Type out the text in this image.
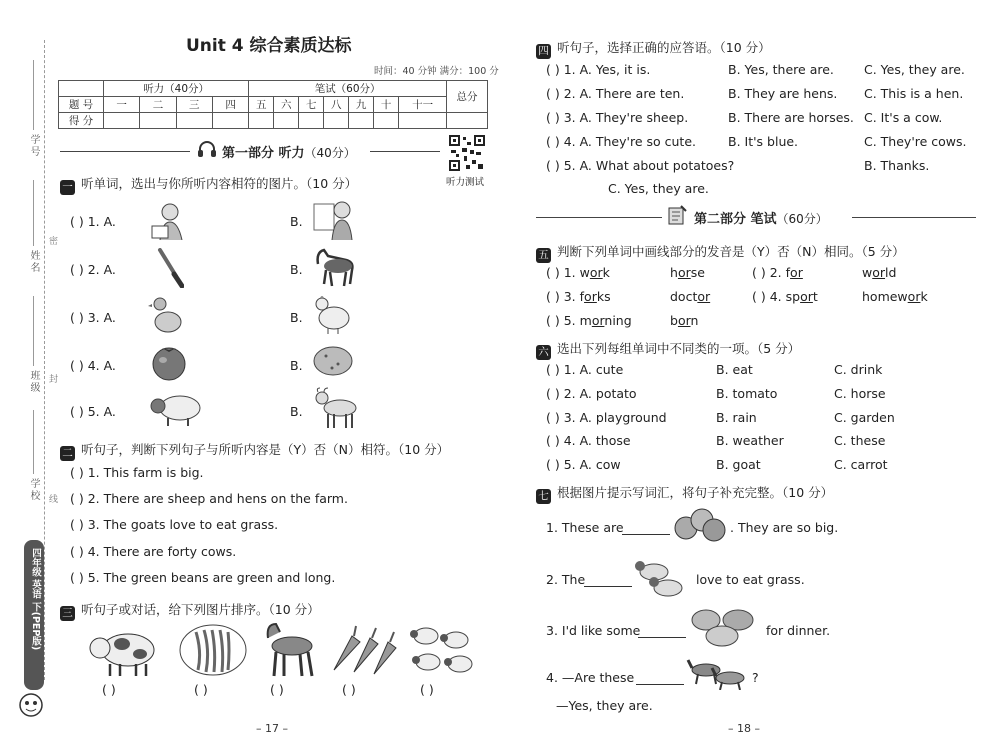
学号
姓名
班级
学校
密
封
线
四年级 英语 下(PEP版)
Unit 4 综合素质达标
时间：40 分钟 满分：100 分
	听力（40分）				笔试（60分）							总分
题 号	一	二	三	四	五	六	七	八	九	十	十一	
得 分												
第一部分 听力（40分）
听力测试
一 听单词，选出与你所听内容相符的图片。（10 分）
( ) 1. A.	B.
( ) 2. A.	B.
( ) 3. A.	B.
( ) 4. A.	B.
( ) 5. A.	B.
二 听句子，判断下列句子与所听内容是（Y）否（N）相符。（10 分）
( ) 1. This farm is big.
( ) 2. There are sheep and hens on the farm.
( ) 3. The goats love to eat grass.
( ) 4. There are forty cows.
( ) 5. The green beans are green and long.
三 听句子或对话，给下列图片排序。（10 分）
( )	( )	( )	( )	( )
– 17 –
四 听句子，选择正确的应答语。（10 分）
( ) 1. A. Yes, it is.	B. Yes, there are. C. Yes, they are.
( ) 2. A. There are ten.	B. They are hens. C. This is a hen.
( ) 3. A. They're sheep.	B. There are horses. C. It's a cow.
( ) 4. A. They're so cute.	B. It's blue.	C. They're cows.
( ) 5. A. What about potatoes?	B. Thanks.
C. Yes, they are.
第二部分 笔试（60分）
五 判断下列单词中画线部分的发音是（Y）否（N）相同。（5 分）
( ) 1. work	horse	( ) 2. for	world
( ) 3. forks	doctor	( ) 4. sport	homework
( ) 5. morning	born
六 选出下列每组单词中不同类的一项。（5 分）
( ) 1. A. cute	B. eat	C. drink
( ) 2. A. potato	B. tomato	C. horse
( ) 3. A. playground	B. rain	C. garden
( ) 4. A. those	B. weather	C. these
( ) 5. A. cow	B. goat	C. carrot
七 根据图片提示写词汇，将句子补充完整。（10 分）
1. These are	. They are so big.
2. The	love to eat grass.
3. I'd like some	for dinner.
4. —Are these	?
—Yes, they are.
– 18 –
